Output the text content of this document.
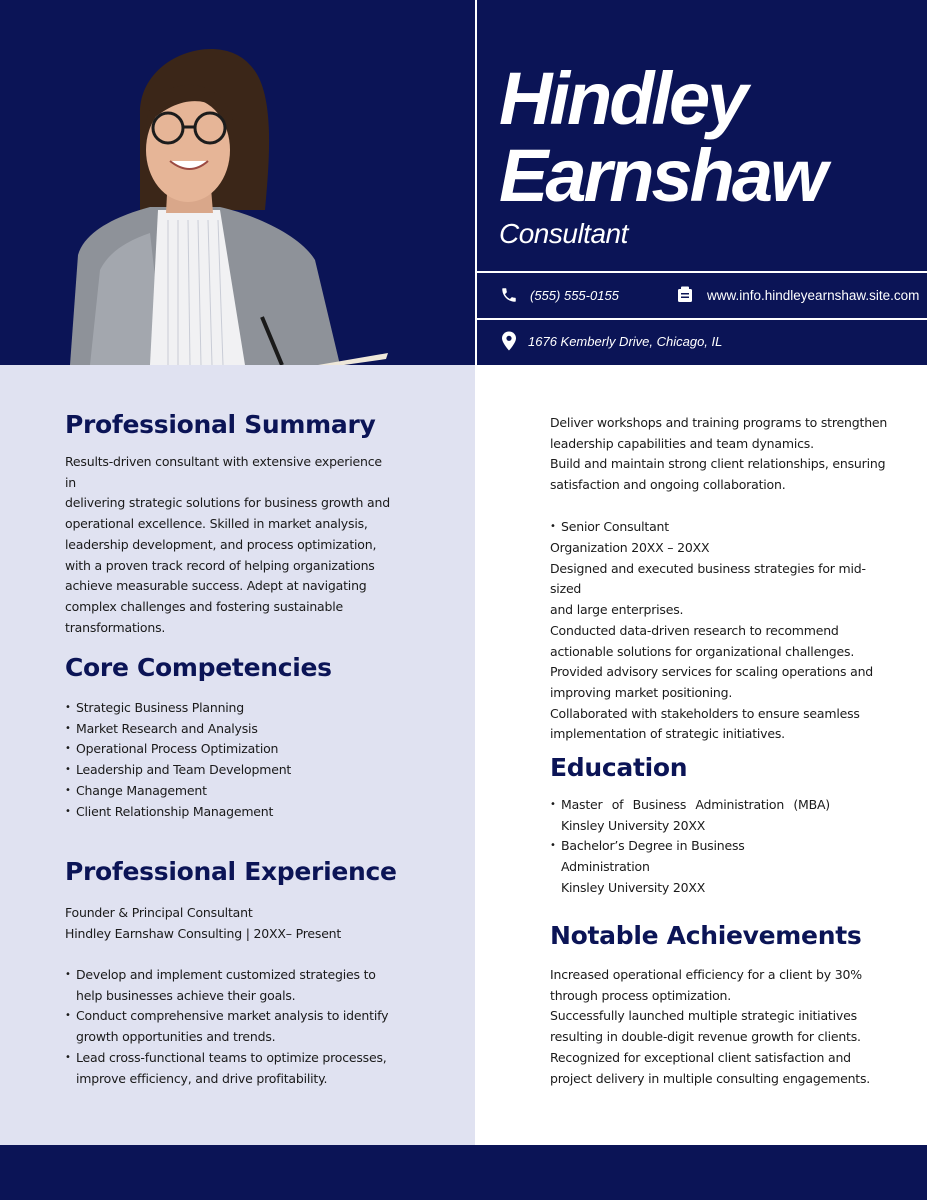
Hindley
Earnshaw
Consultant
(555) 555-0155	www.info.hindleyearnshaw.site.com
1676 Kemberly Drive, Chicago, IL
Professional Summary

Results-driven consultant with extensive experience in

delivering strategic solutions for business growth and

operational excellence. Skilled in market analysis,

leadership development, and process optimization,

with a proven track record of helping organizations

achieve measurable success. Adept at navigating

complex challenges and fostering sustainable

transformations.

Core Competencies
• Strategic Business Planning
• Market Research and Analysis
• Operational Process Optimization
• Leadership and Team Development
• Change Management
• Client Relationship Management
Professional Experience

Founder & Principal Consultant

Hindley Earnshaw Consulting | 20XX– Present

• Develop and implement customized strategies to
help businesses achieve their goals.
• Conduct comprehensive market analysis to identify
growth opportunities and trends.
• Lead cross-functional teams to optimize processes,
improve efficiency, and drive profitability.

Deliver workshops and training programs to strengthen

leadership capabilities and team dynamics.

Build and maintain strong client relationships, ensuring

satisfaction and ongoing collaboration.

• Senior Consultant

Organization 20XX – 20XX

Designed and executed business strategies for mid-sized

and large enterprises.

Conducted data-driven research to recommend

actionable solutions for organizational challenges.

Provided advisory services for scaling operations and

improving market positioning.

Collaborated with stakeholders to ensure seamless

implementation of strategic initiatives.

Education
• Master of Business Administration (MBA)
Kinsley University 20XX
• Bachelor’s Degree in Business Administration
Kinsley University 20XX
Notable Achievements

Increased operational efficiency for a client by 30%

through process optimization.

Successfully launched multiple strategic initiatives

resulting in double-digit revenue growth for clients.

Recognized for exceptional client satisfaction and

project delivery in multiple consulting engagements.
